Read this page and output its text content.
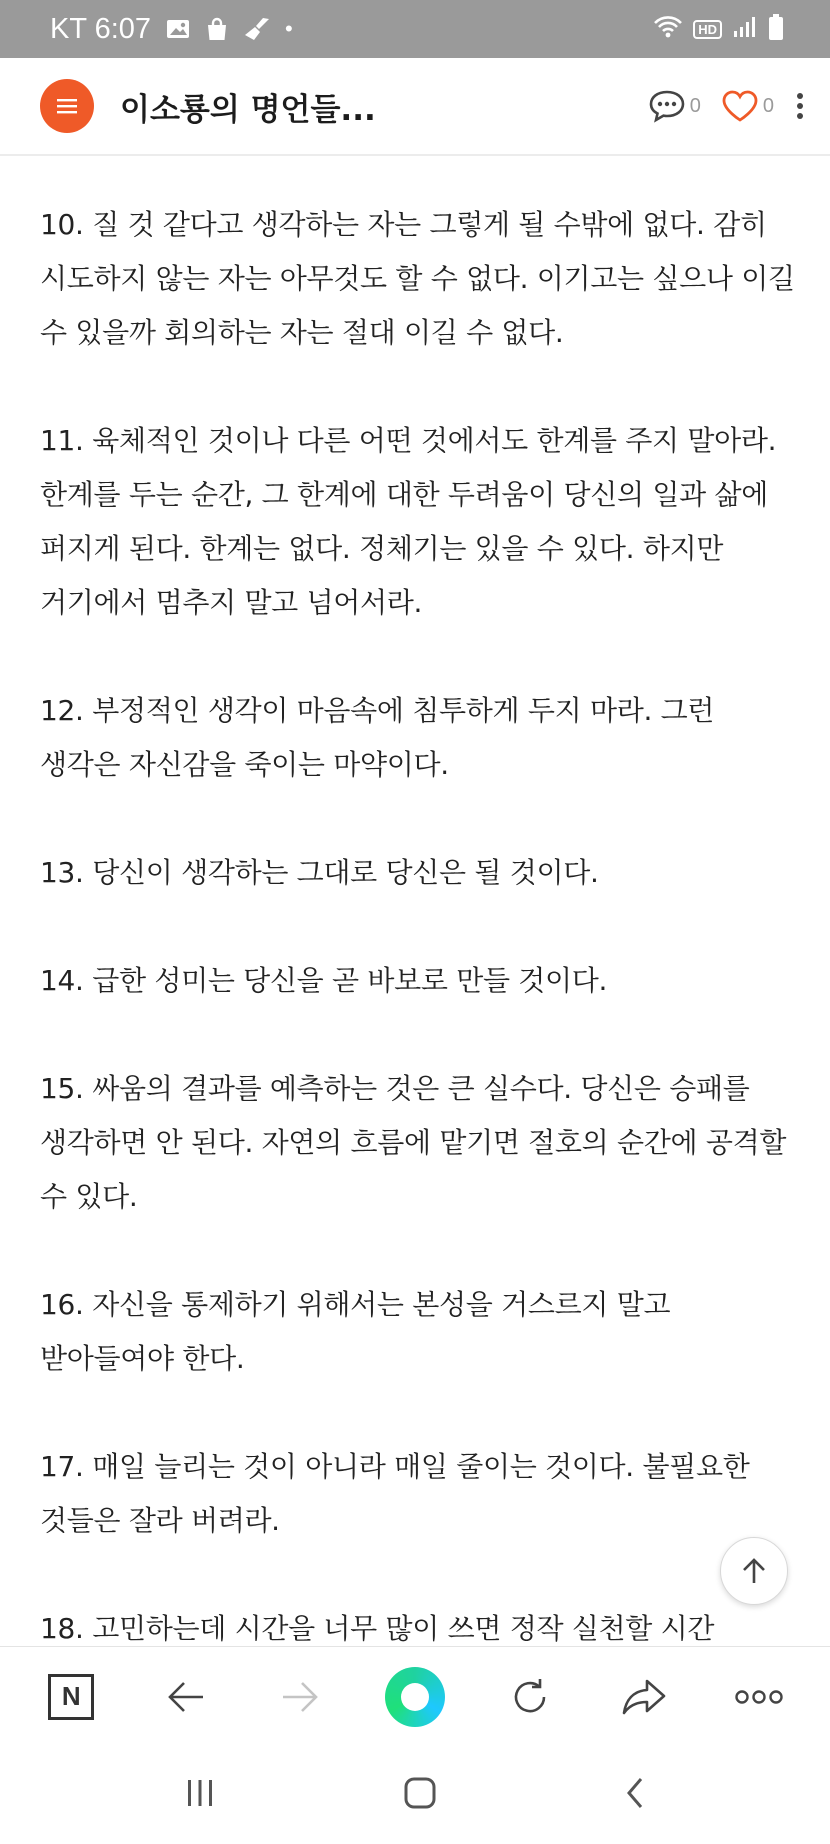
KT 6:07	•	HD
이소룡의 명언들...	0	0

10. 질 것 같다고 생각하는 자는 그렇게 될 수밖에 없다. 감히 시도하지 않는 자는 아무것도 할 수 없다. 이기고는 싶으나 이길 수 있을까 회의하는 자는 절대 이길 수 없다.

11. 육체적인 것이나 다른 어떤 것에서도 한계를 주지 말아라. 한계를 두는 순간, 그 한계에 대한 두려움이 당신의 일과 삶에 퍼지게 된다. 한계는 없다. 정체기는 있을 수 있다. 하지만 거기에서 멈추지 말고 넘어서라.

12. 부정적인 생각이 마음속에 침투하게 두지 마라. 그런 생각은 자신감을 죽이는 마약이다.

13. 당신이 생각하는 그대로 당신은 될 것이다.

14. 급한 성미는 당신을 곧 바보로 만들 것이다.

15. 싸움의 결과를 예측하는 것은 큰 실수다. 당신은 승패를 생각하면 안 된다. 자연의 흐름에 맡기면 절호의 순간에 공격할 수 있다.

16. 자신을 통제하기 위해서는 본성을 거스르지 말고 받아들여야 한다.

17. 매일 늘리는 것이 아니라 매일 줄이는 것이다. 불필요한 것들은 잘라 버려라.

18. 고민하는데 시간을 너무 많이 쓰면 정작 실천할 시간

N
